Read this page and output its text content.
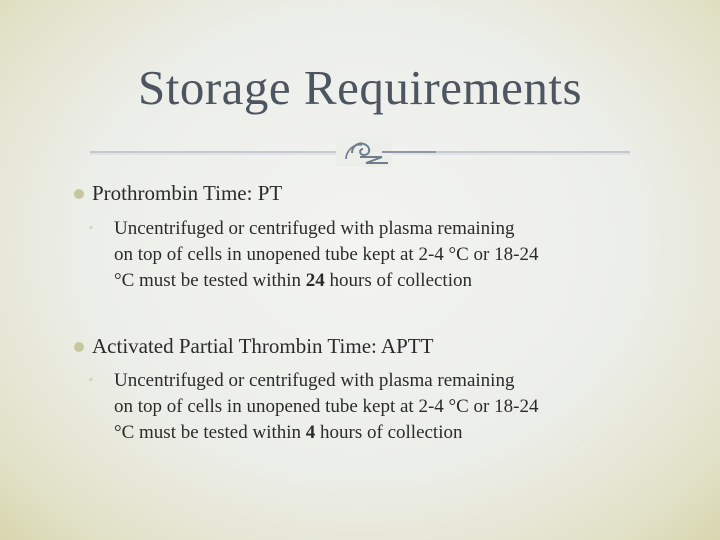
Storage Requirements
Prothrombin Time: PT
◦ Uncentrifuged or centrifuged with plasma remaining
on top of cells in unopened tube kept at 2-4 °C or 18-24
°C must be tested within 24 hours of collection
Activated Partial Thrombin Time: APTT
◦ Uncentrifuged or centrifuged with plasma remaining
on top of cells in unopened tube kept at 2-4 °C or 18-24
°C must be tested within 4 hours of collection
